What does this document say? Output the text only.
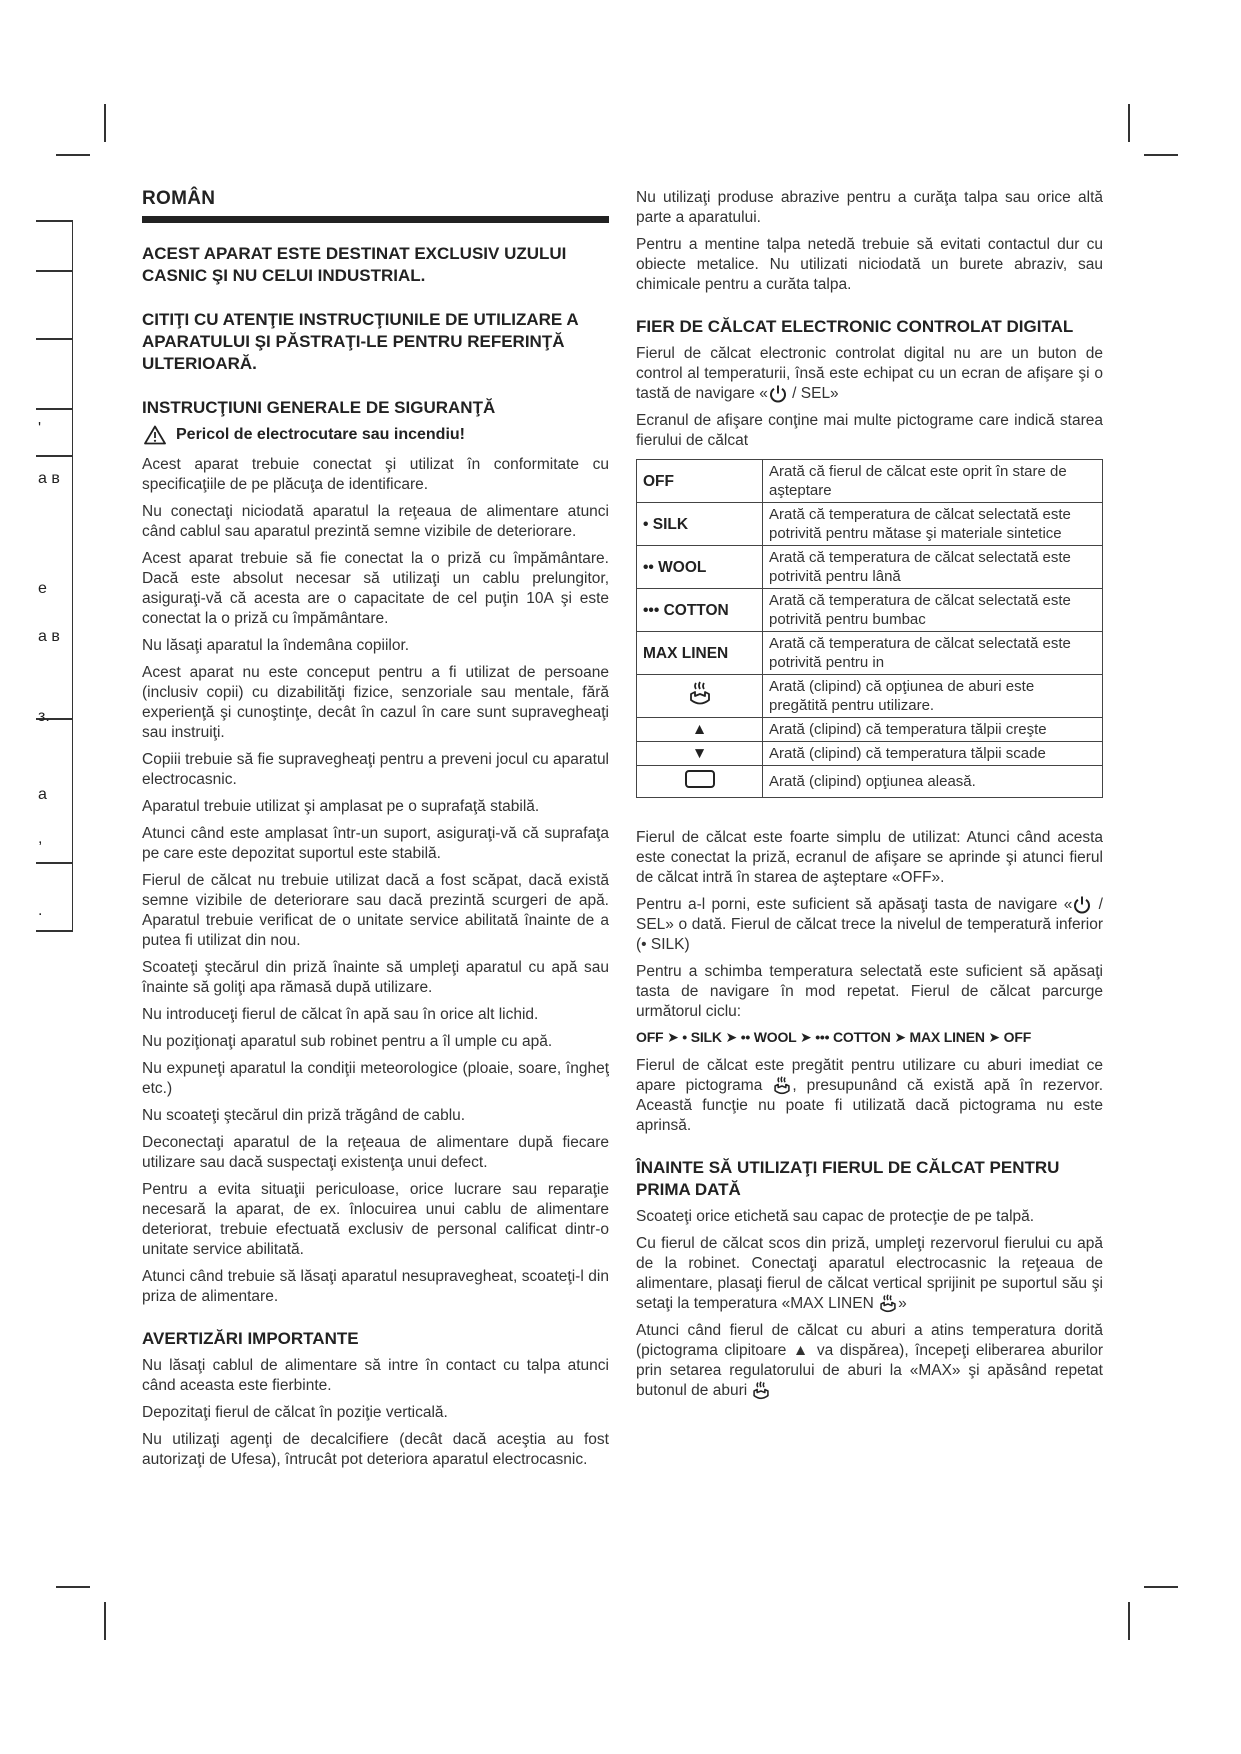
'
a в
e
a в
з.
a
,
.
ROMÂN
ACEST APARAT ESTE DESTINAT EXCLUSIV UZULUI CASNIC ŞI NU CELUI INDUSTRIAL.
CITIŢI CU ATENŢIE INSTRUCŢIUNILE DE UTILIZARE A APARATULUI ŞI PĂSTRAŢI-LE PENTRU REFERINŢĂ ULTERIOARĂ.
INSTRUCŢIUNI GENERALE DE SIGURANŢĂ
Pericol de electrocutare sau incendiu!

Acest aparat trebuie conectat şi utilizat în conformitate cu specificaţiile de pe plăcuţa de identificare.

Nu conectaţi niciodată aparatul la reţeaua de alimentare atunci când cablul sau aparatul prezintă semne vizibile de deteriorare.

Acest aparat trebuie să fie conectat la o priză cu împământare. Dacă este absolut necesar să utilizaţi un cablu prelungitor, asiguraţi-vă că acesta are o capacitate de cel puţin 10A şi este conectat la o priză cu împământare.

Nu lăsaţi aparatul la îndemâna copiilor.

Acest aparat nu este conceput pentru a fi utilizat de persoane (inclusiv copii) cu dizabilităţi fizice, senzoriale sau mentale, fără experienţă şi cunoştinţe, decât în cazul în care sunt supravegheaţi sau instruiţi.

Copiii trebuie să fie supravegheaţi pentru a preveni jocul cu aparatul electrocasnic.

Aparatul trebuie utilizat şi amplasat pe o suprafaţă stabilă.

Atunci când este amplasat într-un suport, asiguraţi-vă că suprafaţa pe care este depozitat suportul este stabilă.

Fierul de călcat nu trebuie utilizat dacă a fost scăpat, dacă există semne vizibile de deteriorare sau dacă prezintă scurgeri de apă. Aparatul trebuie verificat de o unitate service abilitată înainte de a putea fi utilizat din nou.

Scoateţi ştecărul din priză înainte să umpleţi aparatul cu apă sau înainte să goliţi apa rămasă după utilizare.

Nu introduceţi fierul de călcat în apă sau în orice alt lichid.

Nu poziţionaţi aparatul sub robinet pentru a îl umple cu apă.

Nu expuneţi aparatul la condiţii meteorologice (ploaie, soare, îngheţ etc.)

Nu scoateţi ştecărul din priză trăgând de cablu.

Deconectaţi aparatul de la reţeaua de alimentare după fiecare utilizare sau dacă suspectaţi existenţa unui defect.

Pentru a evita situaţii periculoase, orice lucrare sau reparaţie necesară la aparat, de ex. înlocuirea unui cablu de alimentare deteriorat, trebuie efectuată exclusiv de personal calificat dintr-o unitate service abilitată.

Atunci când trebuie să lăsaţi aparatul nesupravegheat, scoateţi-l din priza de alimentare.

AVERTIZĂRI IMPORTANTE

Nu lăsaţi cablul de alimentare să intre în contact cu talpa atunci când aceasta este fierbinte.

Depozitaţi fierul de călcat în poziţie verticală.

Nu utilizaţi agenţi de decalcifiere (decât dacă aceştia au fost autorizaţi de Ufesa), întrucât pot deteriora aparatul electrocasnic.

Nu utilizaţi produse abrazive pentru a curăţa talpa sau orice altă parte a aparatului.

Pentru a mentine talpa netedă trebuie să evitati contactul dur cu obiecte metalice. Nu utilizati niciodată un burete abraziv, sau chimicale pentru a curăta talpa.

FIER DE CĂLCAT ELECTRONIC CONTROLAT DIGITAL

Fierul de călcat electronic controlat digital nu are un buton de control al temperaturii, însă este echipat cu un ecran de afişare şi o tastă de navigare « / SEL»

Ecranul de afişare conţine mai multe pictograme care indică starea fierului de călcat

OFF	Arată că fierul de călcat este oprit în stare de aşteptare
• SILK	Arată că temperatura de călcat selectată este potrivită pentru mătase şi materiale sintetice
•• WOOL	Arată că temperatura de călcat selectată este potrivită pentru lână
••• COTTON	Arată că temperatura de călcat selectată este potrivită pentru bumbac
MAX LINEN	Arată că temperatura de călcat selectată este potrivită pentru in
	Arată (clipind) că opţiunea de aburi este pregătită pentru utilizare.
▲	Arată (clipind) că temperatura tălpii creşte
▼	Arată (clipind) că temperatura tălpii scade
	Arată (clipind) opţiunea aleasă.

Fierul de călcat este foarte simplu de utilizat: Atunci când acesta este conectat la priză, ecranul de afişare se aprinde şi atunci fierul de călcat intră în starea de aşteptare «OFF».

Pentru a-l porni, este suficient să apăsaţi tasta de navigare « / SEL» o dată. Fierul de călcat trece la nivelul de temperatură inferior (• SILK)

Pentru a schimba temperatura selectată este suficient să apăsaţi tasta de navigare în mod repetat. Fierul de călcat parcurge următorul ciclu:

OFF ➤ • SILK ➤ •• WOOL ➤ ••• COTTON ➤ MAX LINEN ➤ OFF

Fierul de călcat este pregătit pentru utilizare cu aburi imediat ce apare pictograma , presupunând că există apă în rezervor. Această funcţie nu poate fi utilizată dacă pictograma nu este aprinsă.

ÎNAINTE SĂ UTILIZAŢI FIERUL DE CĂLCAT PENTRU PRIMA DATĂ

Scoateţi orice etichetă sau capac de protecţie de pe talpă.

Cu fierul de călcat scos din priză, umpleţi rezervorul fierului cu apă de la robinet. Conectaţi aparatul electrocasnic la reţeaua de alimentare, plasaţi fierul de călcat vertical sprijinit pe suportul său şi setaţi la temperatura «MAX LINEN »

Atunci când fierul de călcat cu aburi a atins temperatura dorită (pictograma clipitoare ▲ va dispărea), începeţi eliberarea aburilor prin setarea regulatorului de aburi la «MAX» şi apăsând repetat butonul de aburi
